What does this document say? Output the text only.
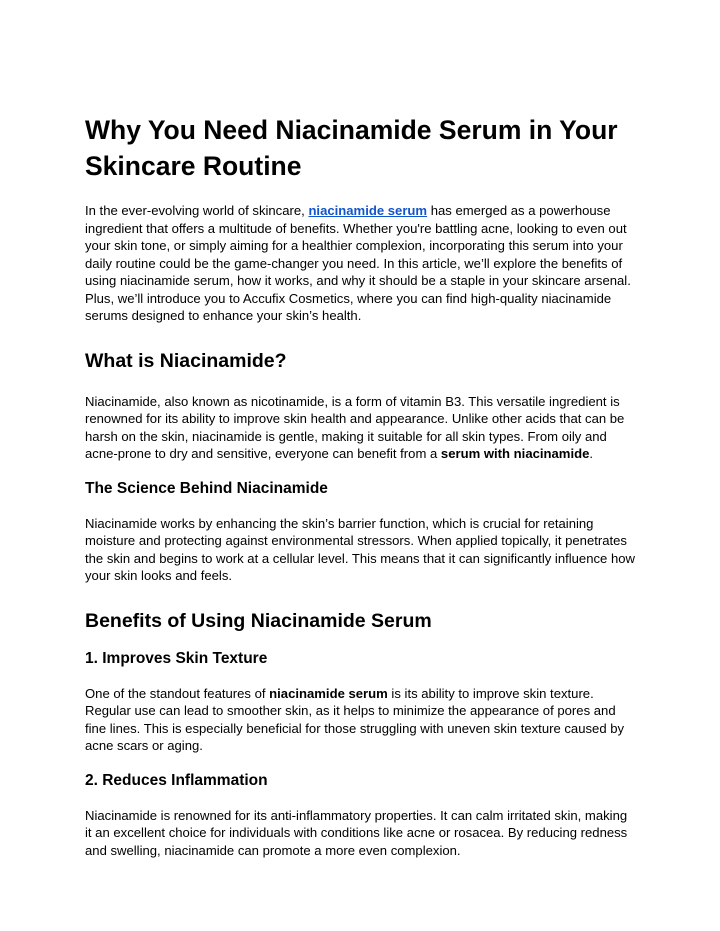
Why You Need Niacinamide Serum in Your Skincare Routine

In the ever-evolving world of skincare, niacinamide serum has emerged as a powerhouse ingredient that offers a multitude of benefits. Whether you're battling acne, looking to even out your skin tone, or simply aiming for a healthier complexion, incorporating this serum into your daily routine could be the game-changer you need. In this article, we’ll explore the benefits of using niacinamide serum, how it works, and why it should be a staple in your skincare arsenal. Plus, we’ll introduce you to Accufix Cosmetics, where you can find high-quality niacinamide serums designed to enhance your skin’s health.

What is Niacinamide?

Niacinamide, also known as nicotinamide, is a form of vitamin B3. This versatile ingredient is renowned for its ability to improve skin health and appearance. Unlike other acids that can be harsh on the skin, niacinamide is gentle, making it suitable for all skin types. From oily and acne-prone to dry and sensitive, everyone can benefit from a serum with niacinamide.

The Science Behind Niacinamide

Niacinamide works by enhancing the skin’s barrier function, which is crucial for retaining moisture and protecting against environmental stressors. When applied topically, it penetrates the skin and begins to work at a cellular level. This means that it can significantly influence how your skin looks and feels.

Benefits of Using Niacinamide Serum
1. Improves Skin Texture

One of the standout features of niacinamide serum is its ability to improve skin texture. Regular use can lead to smoother skin, as it helps to minimize the appearance of pores and fine lines. This is especially beneficial for those struggling with uneven skin texture caused by acne scars or aging.

2. Reduces Inflammation

Niacinamide is renowned for its anti-inflammatory properties. It can calm irritated skin, making it an excellent choice for individuals with conditions like acne or rosacea. By reducing redness and swelling, niacinamide can promote a more even complexion.
